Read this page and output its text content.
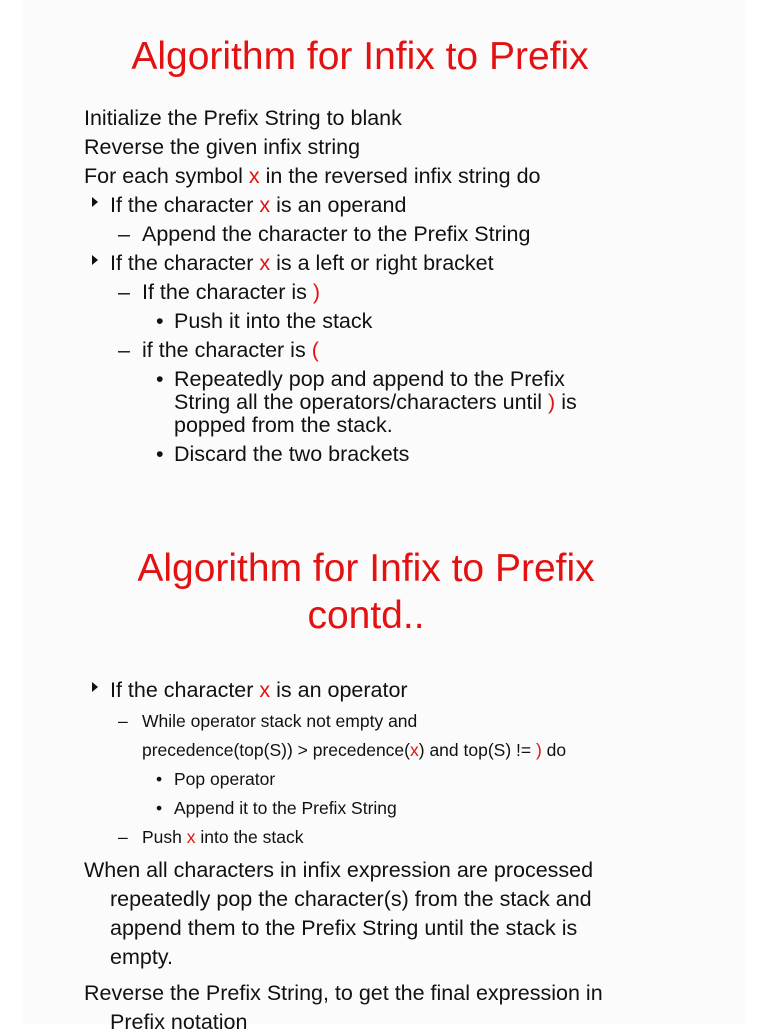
Algorithm for Infix to Prefix
Initialize the Prefix String to blank
Reverse the given infix string
For each symbol x in the reversed infix string do
If the character x is an operand
– Append the character to the Prefix String
If the character x is a left or right bracket
– If the character is )
• Push it into the stack
– if the character is (
• Repeatedly pop and append to the Prefix
String all the operators/characters until ) is
popped from the stack.
• Discard the two brackets
Algorithm for Infix to Prefix
contd..
If the character x is an operator
– While operator stack not empty and
precedence(top(S)) > precedence(x) and top(S) != ) do
• Pop operator
• Append it to the Prefix String
– Push x into the stack
When all characters in infix expression are processed
repeatedly pop the character(s) from the stack and
append them to the Prefix String until the stack is
empty.
Reverse the Prefix String, to get the final expression in
Prefix notation
